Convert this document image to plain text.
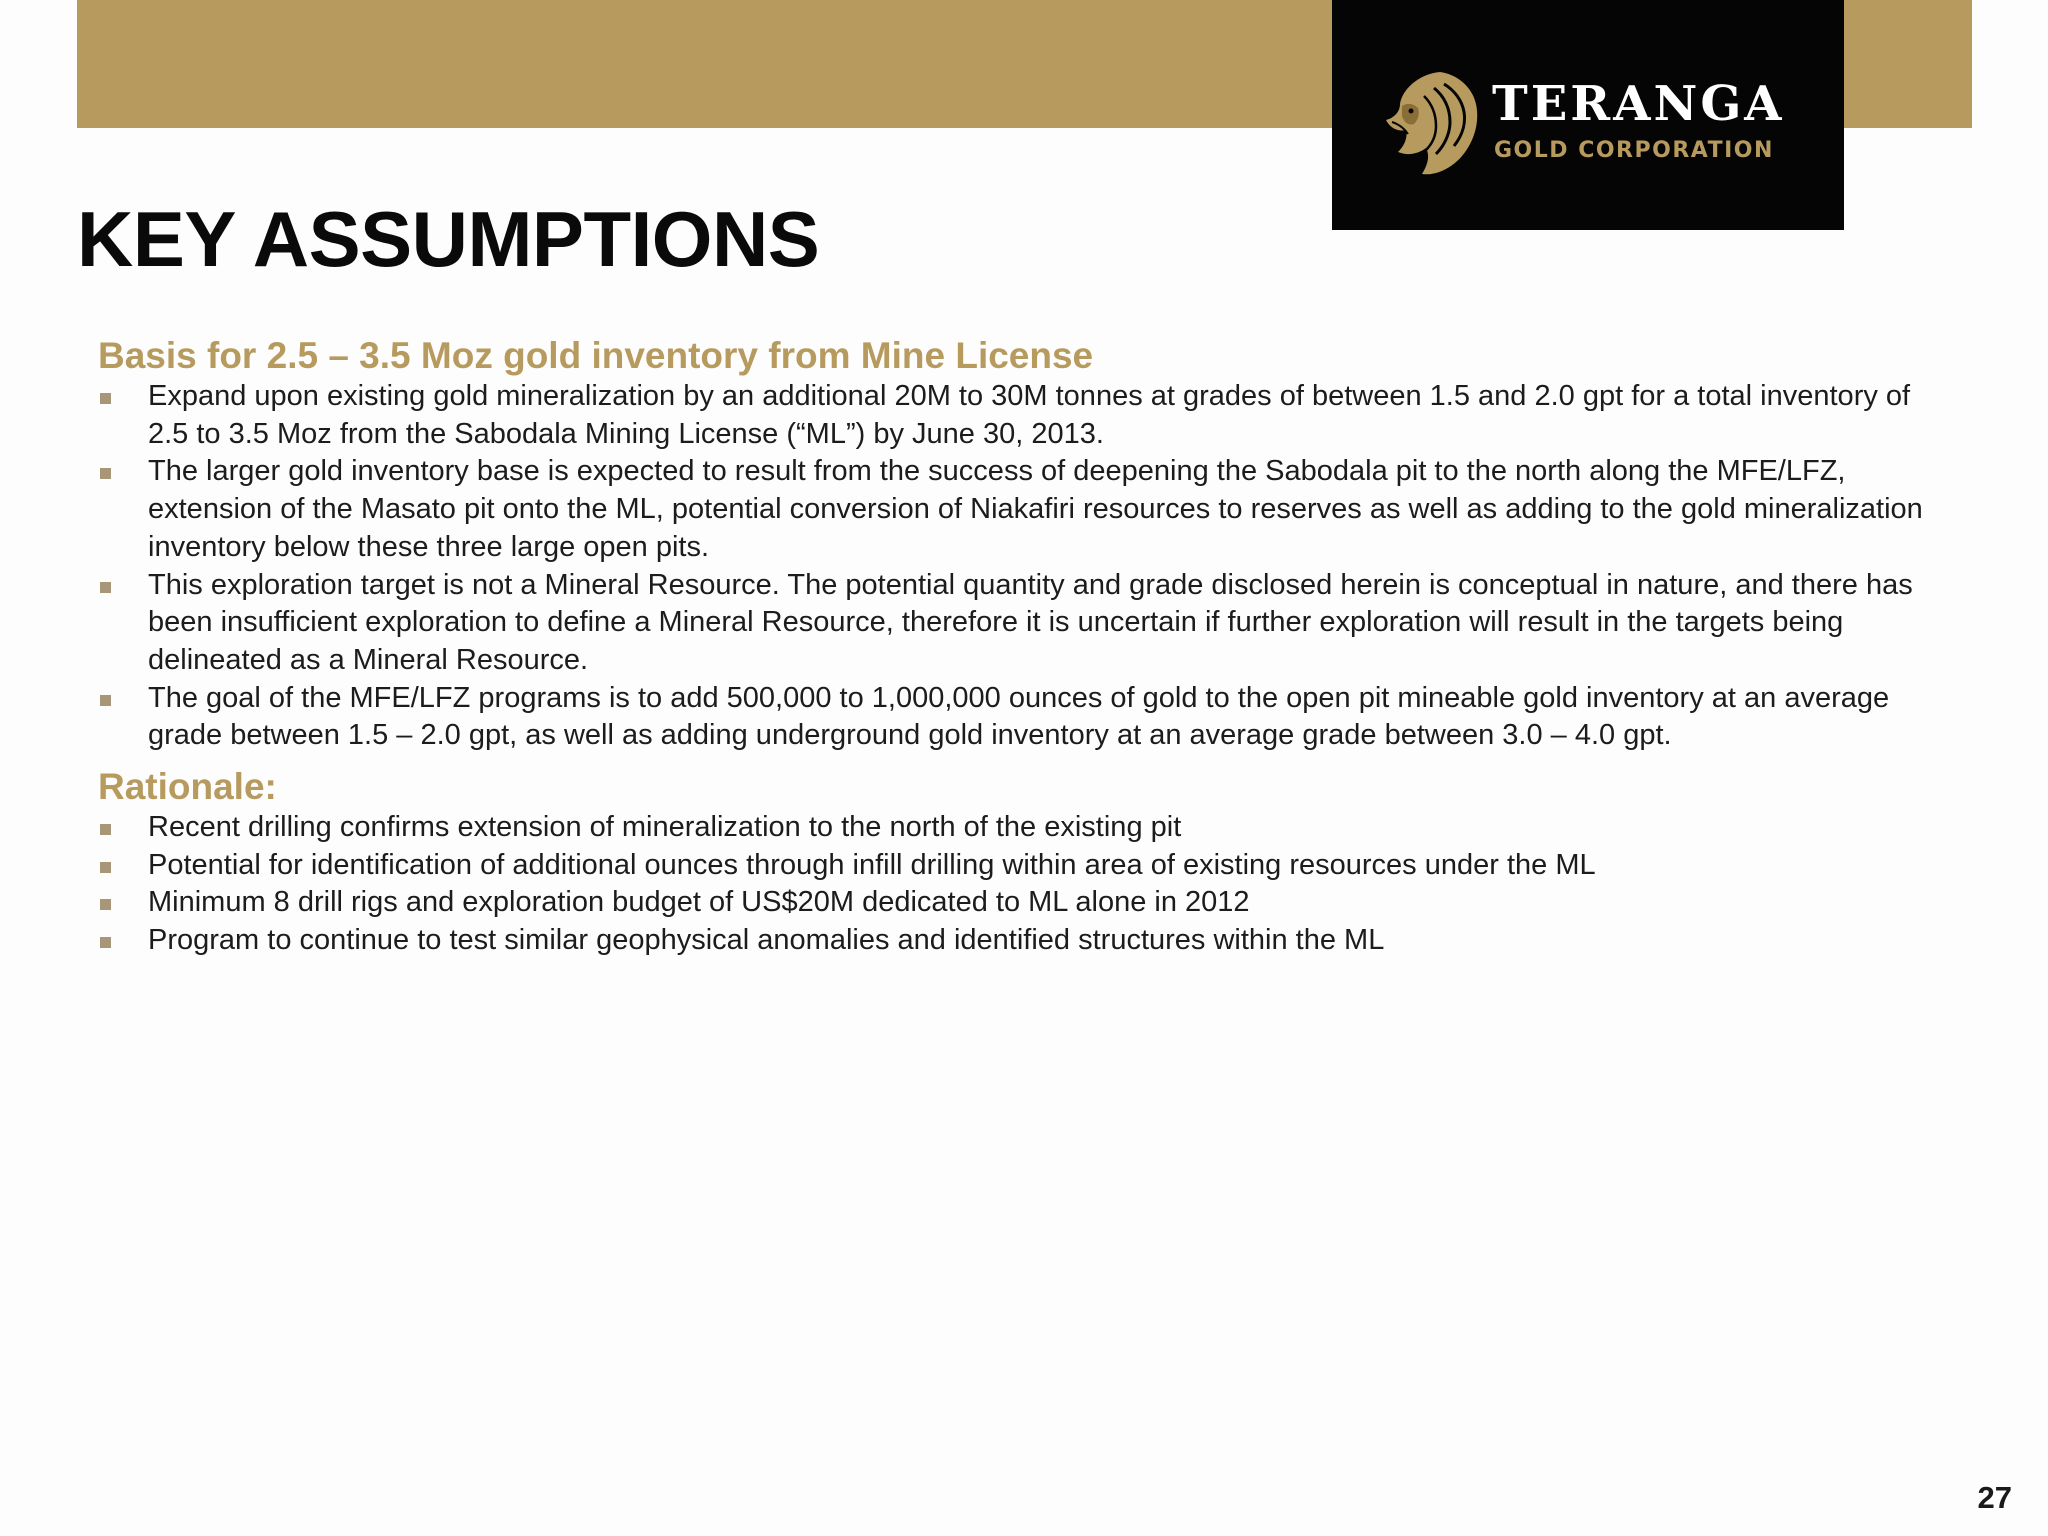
TERANGA
GOLD CORPORATION
KEY ASSUMPTIONS
Basis for 2.5 – 3.5 Moz gold inventory from Mine License
Expand upon existing gold mineralization by an additional 20M to 30M tonnes at grades of between 1.5 and 2.0 gpt for a total inventory of 2.5 to 3.5 Moz from the Sabodala Mining License (“ML”) by June 30, 2013.
The larger gold inventory base is expected to result from the success of deepening the Sabodala pit to the north along the MFE/LFZ, extension of the Masato pit onto the ML, potential conversion of Niakafiri resources to reserves as well as adding to the gold mineralization inventory below these three large open pits.
This exploration target is not a Mineral Resource. The potential quantity and grade disclosed herein is conceptual in nature, and there has been insufficient exploration to define a Mineral Resource, therefore it is uncertain if further exploration will result in the targets being delineated as a Mineral Resource.
The goal of the MFE/LFZ programs is to add 500,000 to 1,000,000 ounces of gold to the open pit mineable gold inventory at an average grade between 1.5 – 2.0 gpt, as well as adding underground gold inventory at an average grade between 3.0 – 4.0 gpt.
Rationale:
Recent drilling confirms extension of mineralization to the north of the existing pit
Potential for identification of additional ounces through infill drilling within area of existing resources under the ML
Minimum 8 drill rigs and exploration budget of US$20M dedicated to ML alone in 2012
Program to continue to test similar geophysical anomalies and identified structures within the ML
27
